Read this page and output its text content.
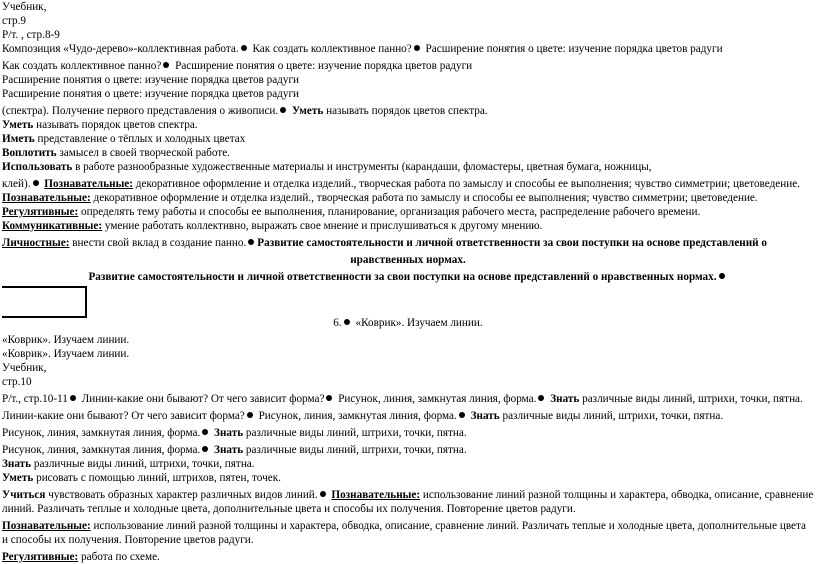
Учебник,
стр.9
Р/т. , стр.8-9
Композиция «Чудо-дерево»-коллективная работа. Как создать коллективное панно? Расширение понятия о цвете: изучение порядка цветов радуги
Как создать коллективное панно? Расширение понятия о цвете: изучение порядка цветов радуги
Расширение понятия о цвете: изучение порядка цветов радуги
Расширение понятия о цвете: изучение порядка цветов радуги
(спектра). Получение первого представления о живописи. Уметь называть порядок цветов спектра.
Уметь называть порядок цветов спектра.
Иметь представление о тёплых и холодных цветах
Воплотить замысел в своей творческой работе.
Использовать в работе разнообразные художественные материалы и инструменты (карандаши, фломастеры, цветная бумага, ножницы,
клей). Познавательные: декоративное оформление и отделка изделий., творческая работа по замыслу и способы ее выполнения; чувство симметрии; цветоведение.
Познавательные: декоративное оформление и отделка изделий., творческая работа по замыслу и способы ее выполнения; чувство симметрии; цветоведение.
Регулятивные: определять тему работы и способы ее выполнения, планирование, организация рабочего места, распределение рабочего времени.
Коммуникативные: умение работать коллективно, выражать свое мнение и прислушиваться к другому мнению.
Личностные: внести свой вклад в создание панно. Развитие самостоятельности и личной ответственности за свои поступки на основе представлений о
нравственных нормах.
Развитие самостоятельности и личной ответственности за свои поступки на основе представлений о нравственных нормах.
6. «Коврик». Изучаем линии.
«Коврик». Изучаем линии.
«Коврик». Изучаем линии.
Учебник,
стр.10
Р/т., стр.10-11 Линии-какие они бывают? От чего зависит форма? Рисунок, линия, замкнутая линия, форма. Знать различные виды линий, штрихи, точки, пятна.
Линии-какие они бывают? От чего зависит форма? Рисунок, линия, замкнутая линия, форма. Знать различные виды линий, штрихи, точки, пятна.
Рисунок, линия, замкнутая линия, форма. Знать различные виды линий, штрихи, точки, пятна.
Рисунок, линия, замкнутая линия, форма. Знать различные виды линий, штрихи, точки, пятна.
Знать различные виды линий, штрихи, точки, пятна.
Уметь рисовать с помощью линий, штрихов, пятен, точек.
Учиться чувствовать образных характер различных видов линий. Познавательные: использование линий разной толщины и характера, обводка, описание, сравнение линий. Различать теплые и холодные цвета, дополнительные цвета и способы их получения. Повторение цветов радуги.
Познавательные: использование линий разной толщины и характера, обводка, описание, сравнение линий. Различать теплые и холодные цвета, дополнительные цвета и способы их получения. Повторение цветов радуги.
Регулятивные: работа по схеме.
